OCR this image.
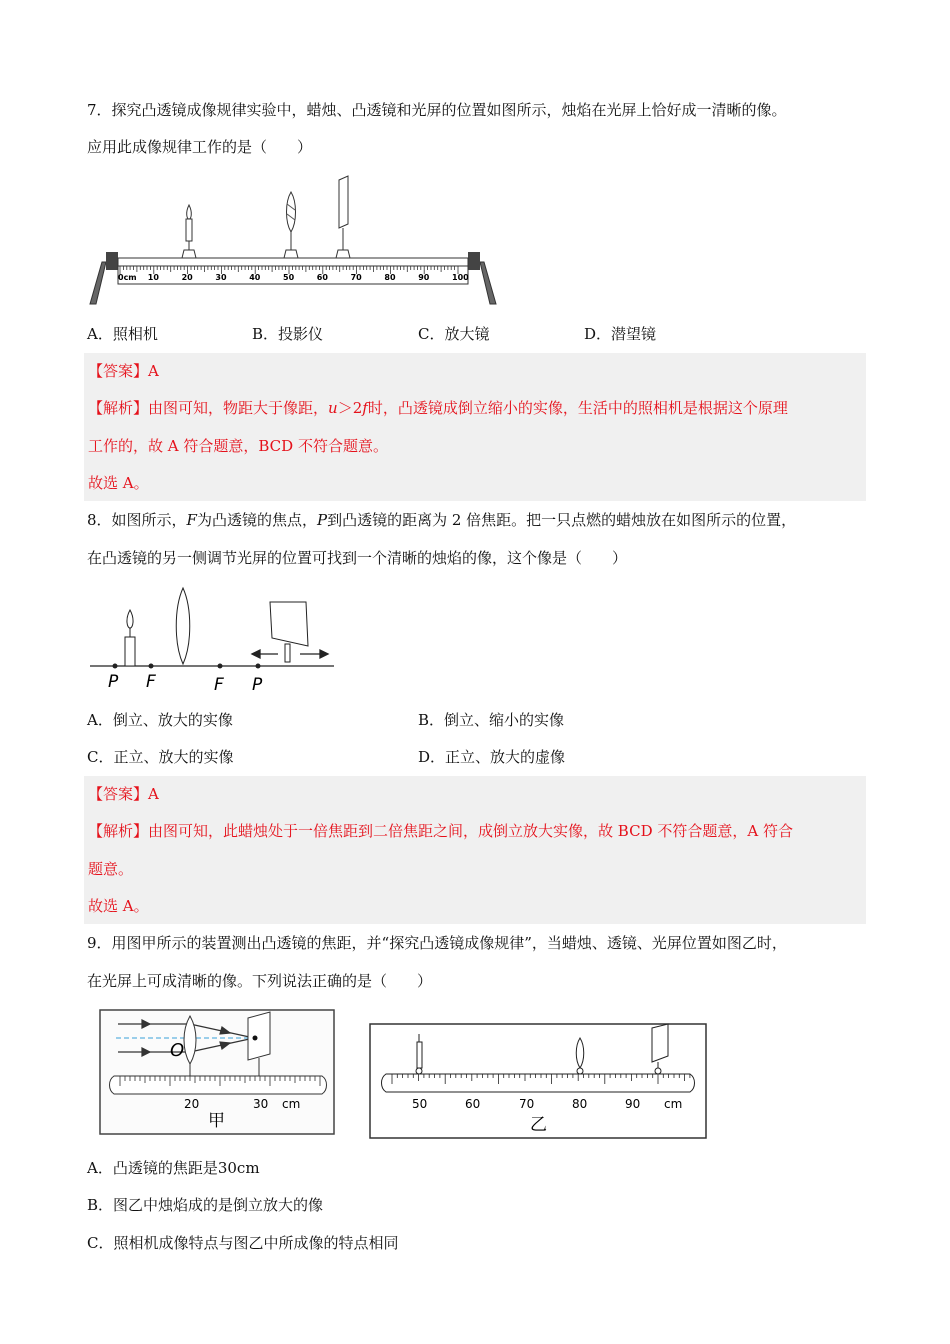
7．探究凸透镜成像规律实验中，蜡烛、凸透镜和光屏的位置如图所示，烛焰在光屏上恰好成一清晰的像。
应用此成像规律工作的是（　　）
0cm 10	20	30	40	50	60	70	80	90	100
A．照相机	B．投影仪	C．放大镜	D．潜望镜
【答案】A
【解析】由图可知，物距大于像距，u＞2f时，凸透镜成倒立缩小的实像，生活中的照相机是根据这个原理
工作的，故 A 符合题意，BCD 不符合题意。
故选 A。
8．如图所示，F为凸透镜的焦点，P到凸透镜的距离为 2 倍焦距。把一只点燃的蜡烛放在如图所示的位置，
在凸透镜的另一侧调节光屏的位置可找到一个清晰的烛焰的像，这个像是（　　）
P F	F P
A．倒立、放大的实像	B．倒立、缩小的实像
C．正立、放大的实像	D．正立、放大的虚像
【答案】A
【解析】由图可知，此蜡烛处于一倍焦距到二倍焦距之间，成倒立放大实像，故 BCD 不符合题意，A 符合
题意。
故选 A。
9．用图甲所示的装置测出凸透镜的焦距，并“探究凸透镜成像规律”，当蜡烛、透镜、光屏位置如图乙时，
在光屏上可成清晰的像。下列说法正确的是（　　）
O
20	30 cm
甲
50	60	70	80	90 cm
乙
A．凸透镜的焦距是30cm
B．图乙中烛焰成的是倒立放大的像
C．照相机成像特点与图乙中所成像的特点相同
